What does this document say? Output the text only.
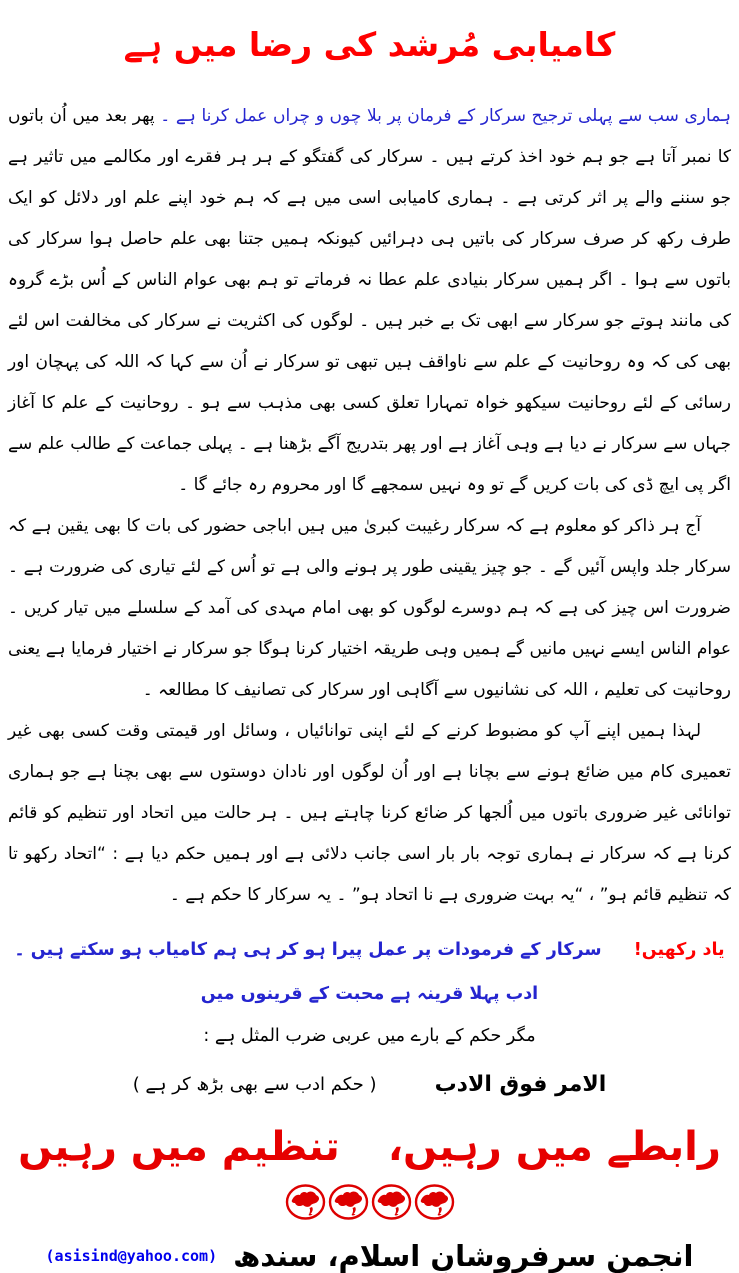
کامیابی مُرشد کی رضا میں ہے

ہماری سب سے پہلی ترجیح سرکار کے فرمان پر بلا چوں و چراں عمل کرنا ہے ۔ پھر بعد میں اُن باتوں کا نمبر آتا ہے جو ہم خود اخذ کرتے ہیں ۔ سرکار کی گفتگو کے ہر ہر فقرے اور مکالمے میں تاثیر ہے جو سننے والے پر اثر کرتی ہے ۔ ہماری کامیابی اسی میں ہے کہ ہم خود اپنے علم اور دلائل کو ایک طرف رکھ کر صرف سرکار کی باتیں ہی دہرائیں کیونکہ ہمیں جتنا بھی علم حاصل ہوا سرکار کی باتوں سے ہوا ۔ اگر ہمیں سرکار بنیادی علم عطا نہ فرماتے تو ہم بھی عوام الناس کے اُس بڑے گروہ کی مانند ہوتے جو سرکار سے ابھی تک بے خبر ہیں ۔ لوگوں کی اکثریت نے سرکار کی مخالفت اس لئے بھی کی کہ وہ روحانیت کے علم سے ناواقف ہیں تبھی تو سرکار نے اُن سے کہا کہ اللہ کی پہچان اور رسائی کے لئے روحانیت سیکھو خواہ تمہارا تعلق کسی بھی مذہب سے ہو ۔ روحانیت کے علم کا آغاز جہاں سے سرکار نے دیا ہے وہی آغاز ہے اور پھر بتدریج آگے بڑھنا ہے ۔ پہلی جماعت کے طالب علم سے اگر پی ایچ ڈی کی بات کریں گے تو وہ نہیں سمجھے گا اور محروم رہ جائے گا ۔

آج ہر ذاکر کو معلوم ہے کہ سرکار رغیبت کبریٰ میں ہیں اباجی حضور کی بات کا بھی یقین ہے کہ سرکار جلد واپس آئیں گے ۔ جو چیز یقینی طور پر ہونے والی ہے تو اُس کے لئے تیاری کی ضرورت ہے ۔ ضرورت اس چیز کی ہے کہ ہم دوسرے لوگوں کو بھی امام مہدی کی آمد کے سلسلے میں تیار کریں ۔ عوام الناس ایسے نہیں مانیں گے ہمیں وہی طریقہ اختیار کرنا ہوگا جو سرکار نے اختیار فرمایا ہے یعنی روحانیت کی تعلیم ، اللہ کی نشانیوں سے آگاہی اور سرکار کی تصانیف کا مطالعہ ۔

لہذا ہمیں اپنے آپ کو مضبوط کرنے کے لئے اپنی توانائیاں ، وسائل اور قیمتی وقت کسی بھی غیر تعمیری کام میں ضائع ہونے سے بچانا ہے اور اُن لوگوں اور نادان دوستوں سے بھی بچنا ہے جو ہماری توانائی غیر ضروری باتوں میں اُلجھا کر ضائع کرنا چاہتے ہیں ۔ ہر حالت میں اتحاد اور تنظیم کو قائم کرنا ہے کہ سرکار نے ہماری توجہ بار بار اسی جانب دلائی ہے اور ہمیں حکم دیا ہے : “اتحاد رکھو تا کہ تنظیم قائم ہو” ، “یہ بہت ضروری ہے نا اتحاد ہو” ۔ یہ سرکار کا حکم ہے ۔

یاد رکھیں! سرکار کے فرمودات پر عمل پیرا ہو کر ہی ہم کامیاب ہو سکتے ہیں ۔
ادب پہلا قرینہ ہے محبت کے قرینوں میں
مگر حکم کے بارے میں عربی ضرب المثل ہے :
الامر فوق الادب
( حکم ادب سے بھی بڑھ کر ہے )
رابطے میں رہیں،تنظیم میں رہیں
انجمن سرفروشانِ اسلام، سندھ
(asisind@yahoo.com)
